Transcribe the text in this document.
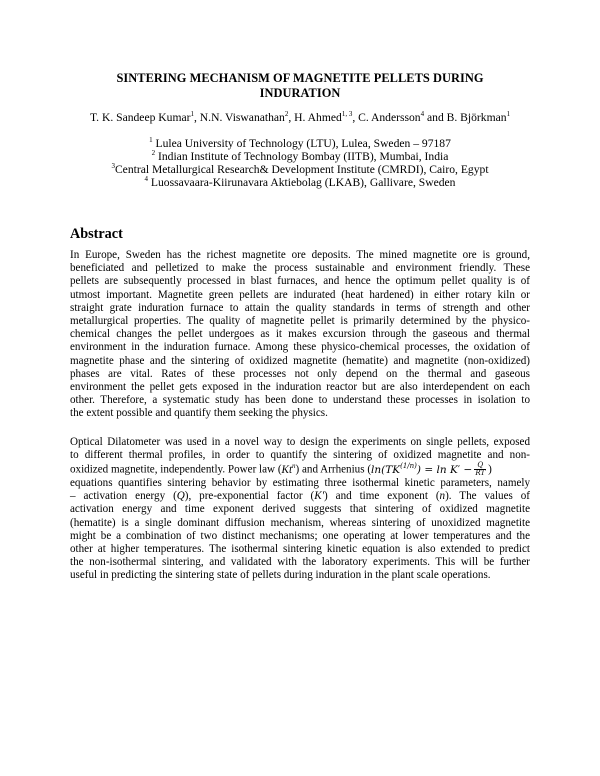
SINTERING MECHANISM OF MAGNETITE PELLETS DURING
INDURATION
T. K. Sandeep Kumar$^1$, N.N. Viswanathan$^2$, H. Ahmed$^{1, 3}$, C. Andersson$^4$ and B. Björkman$^1$
$^1$ Lulea University of Technology (LTU), Lulea, Sweden – 97187
$^2$ Indian Institute of Technology Bombay (IITB), Mumbai, India
$^3$Central Metallurgical Research& Development Institute (CMRDI), Cairo, Egypt
$^4$ Luossavaara-Kiirunavara Aktiebolag (LKAB), Gallivare, Sweden
Abstract
In Europe, Sweden has the richest magnetite ore deposits. The mined magnetite ore is ground,
beneficiated and pelletized to make the process sustainable and environment friendly. These
pellets are subsequently processed in blast furnaces, and hence the optimum pellet quality is of
utmost important. Magnetite green pellets are indurated (heat hardened) in either rotary kiln or
straight grate induration furnace to attain the quality standards in terms of strength and other
metallurgical properties. The quality of magnetite pellet is primarily determined by the physico-
chemical changes the pellet undergoes as it makes excursion through the gaseous and thermal
environment in the induration furnace. Among these physico-chemical processes, the oxidation of
magnetite phase and the sintering of oxidized magnetite (hematite) and magnetite (non-oxidized)
phases are vital. Rates of these processes not only depend on the thermal and gaseous
environment the pellet gets exposed in the induration reactor but are also interdependent on each
other. Therefore, a systematic study has been done to understand these processes in isolation to
the extent possible and quantify them seeking the physics.
Optical Dilatometer was used in a novel way to design the experiments on single pellets, exposed
to different thermal profiles, in order to quantify the sintering of oxidized magnetite and non-
oxidized magnetite, independently. Power law (Kt$^n$) and Arrhenius ($\ln(TK^{(1/n)}) = \ln K' - \frac{Q}{RT}$ )
equations quantifies sintering behavior by estimating three isothermal kinetic parameters, namely
– activation energy (Q), pre-exponential factor (K') and time exponent (n). The values of
activation energy and time exponent derived suggests that sintering of oxidized magnetite
(hematite) is a single dominant diffusion mechanism, whereas sintering of unoxidized magnetite
might be a combination of two distinct mechanisms; one operating at lower temperatures and the
other at higher temperatures. The isothermal sintering kinetic equation is also extended to predict
the non-isothermal sintering, and validated with the laboratory experiments. This will be further
useful in predicting the sintering state of pellets during induration in the plant scale operations.
